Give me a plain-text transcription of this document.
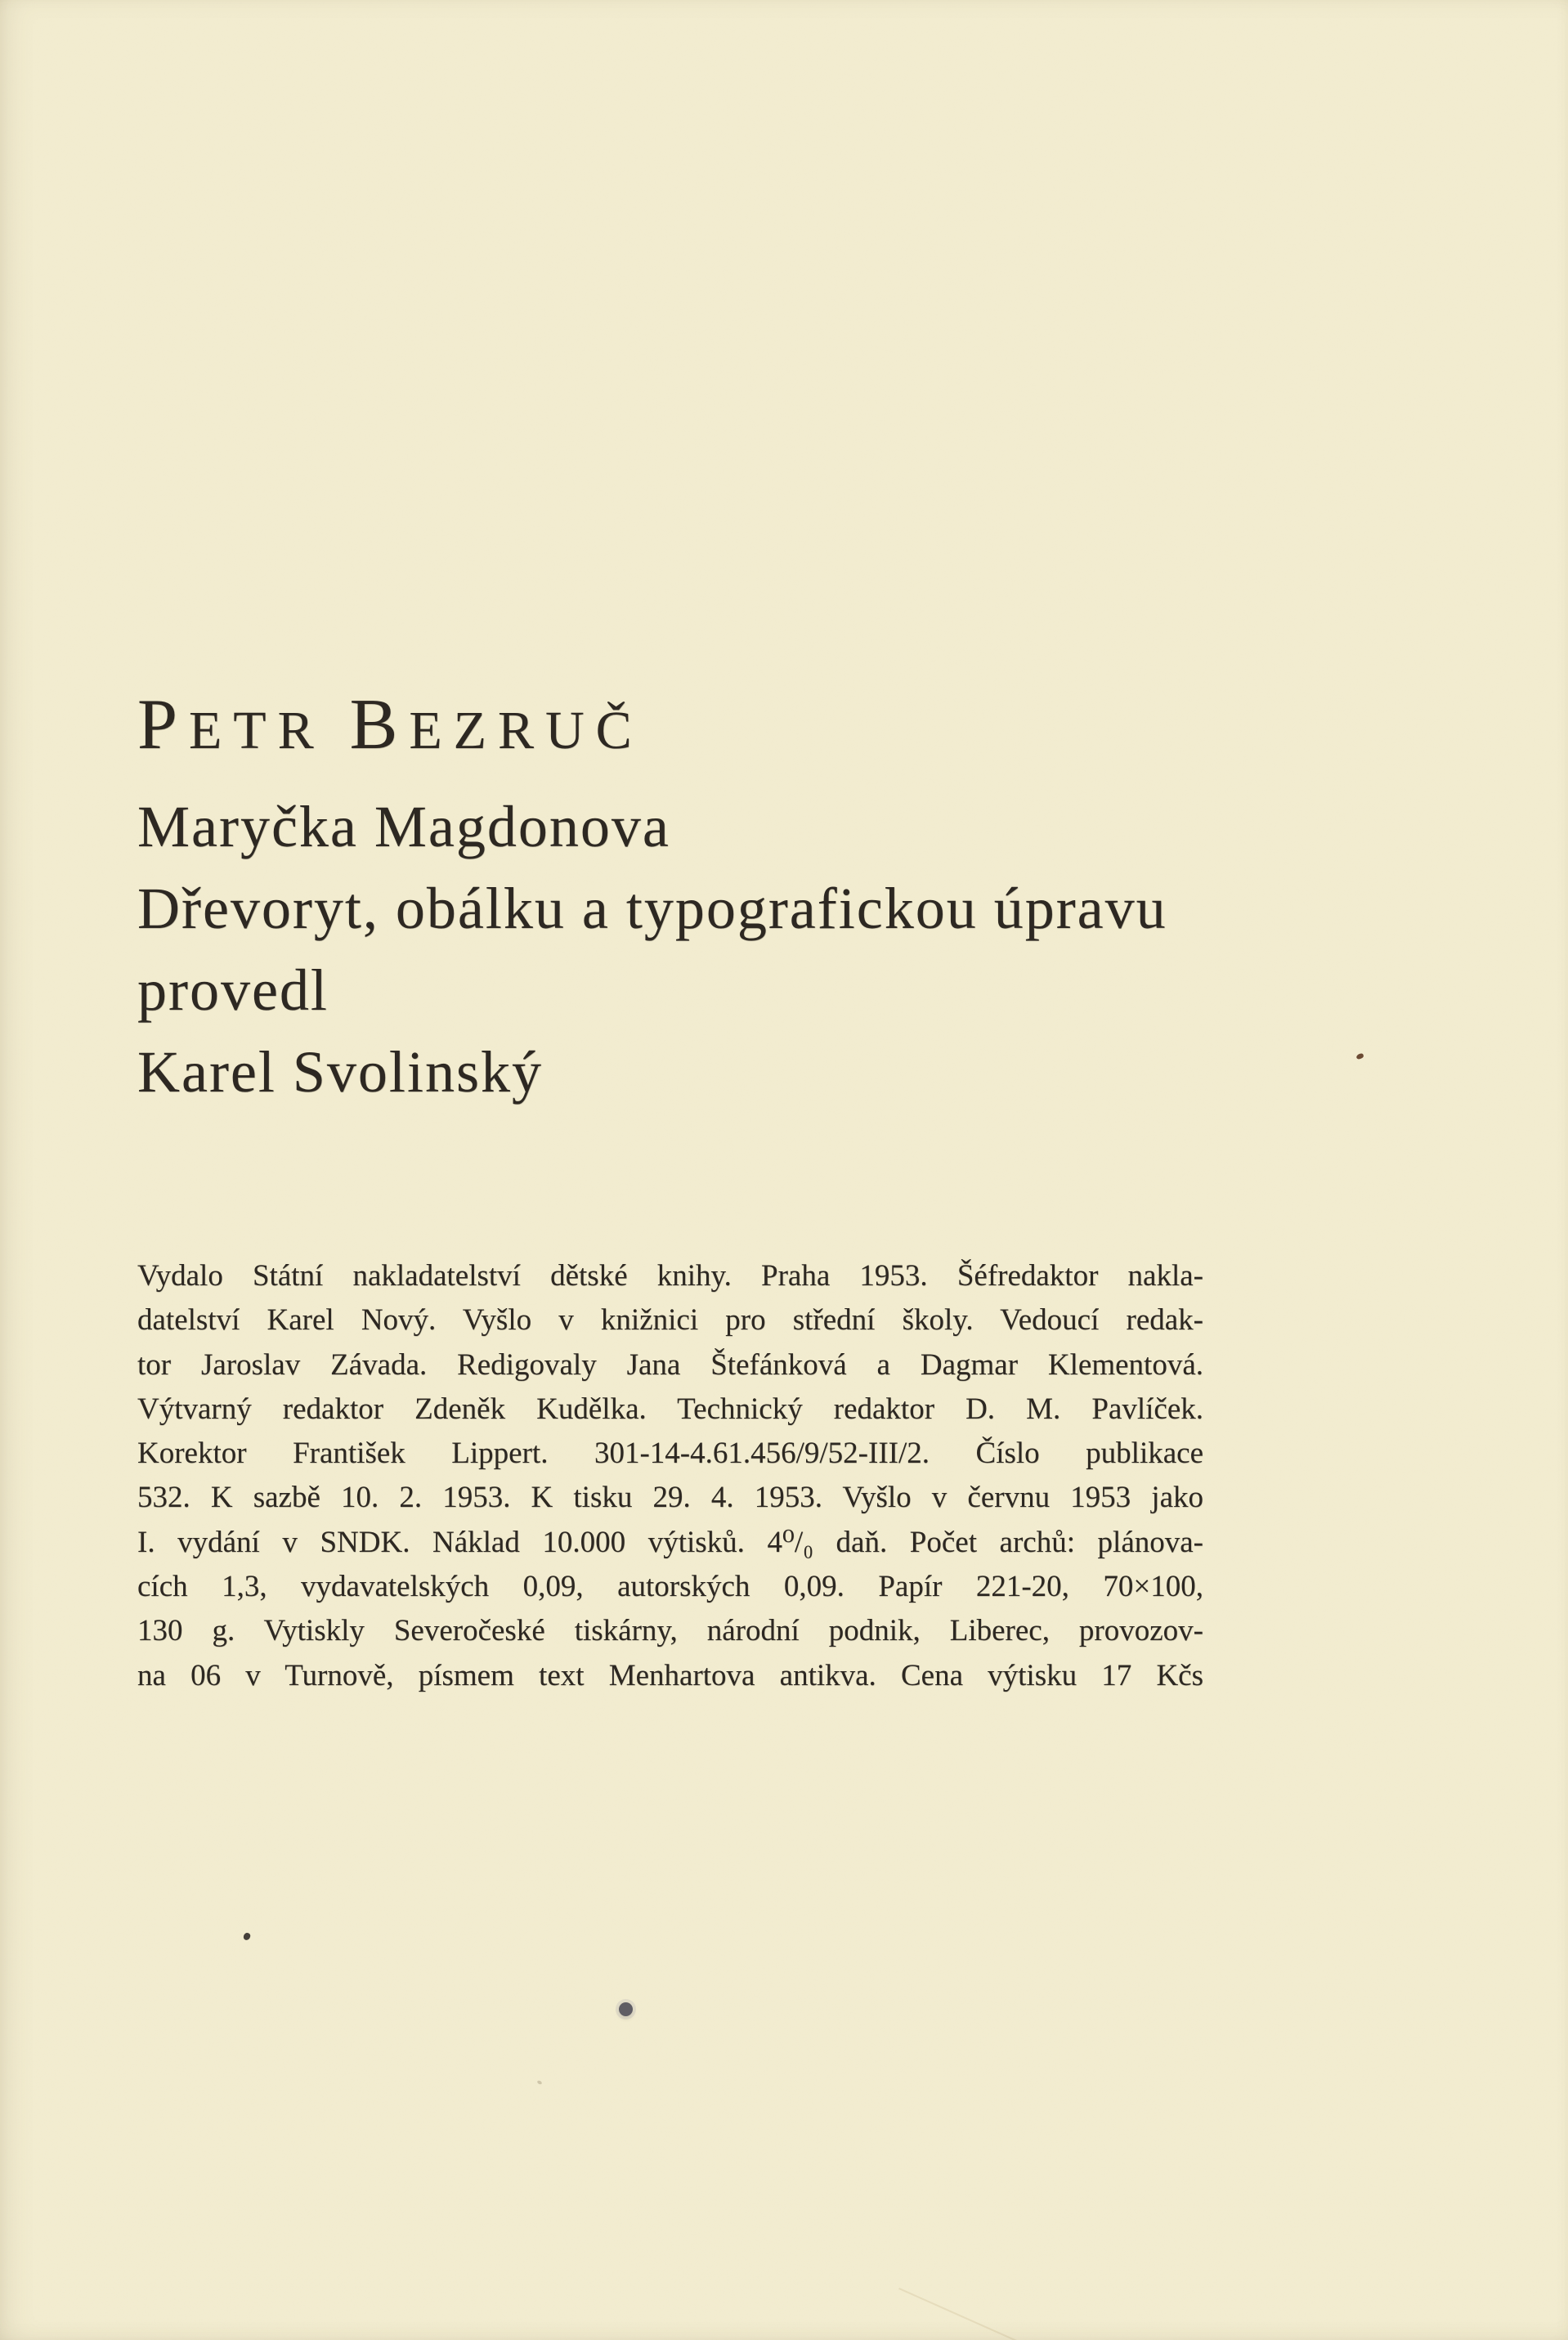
PETR BEZRUČ
Maryčka Magdonova
Dřevoryt, obálku a typografickou úpravu
provedl
Karel Svolinský
Vydalo Státní nakladatelství dětské knihy. Praha 1953. Šéfredaktor nakla-
datelství Karel Nový. Vyšlo v knižnici pro střední školy. Vedoucí redak-
tor Jaroslav Závada. Redigovaly Jana Štefánková a Dagmar Klementová.
Výtvarný redaktor Zdeněk Kudělka. Technický redaktor D. M. Pavlíček.
Korektor František Lippert. 301-14-4.61.456/9/52-III/2. Číslo publikace
532. K sazbě 10. 2. 1953. K tisku 29. 4. 1953. Vyšlo v červnu 1953 jako
I. vydání v SNDK. Náklad 10.000 výtisků. 4⁰/₀ daň. Počet archů: plánova-
cích 1,3, vydavatelských 0,09, autorských 0,09. Papír 221-20, 70×100,
130 g. Vytiskly Severočeské tiskárny, národní podnik, Liberec, provozov-
na 06 v Turnově, písmem text Menhartova antikva. Cena výtisku 17 Kčs
